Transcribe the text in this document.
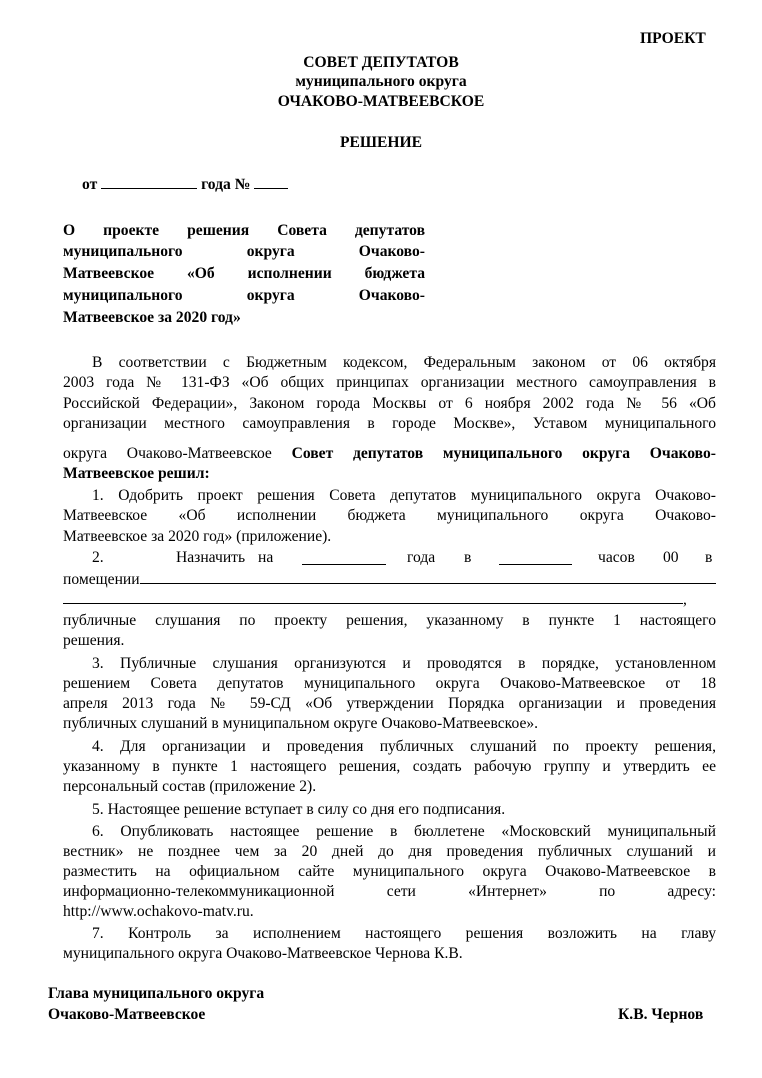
ПРОЕКТ
СОВЕТ ДЕПУТАТОВ
муниципального округа
ОЧАКОВО-МАТВЕЕВСКОЕ
РЕШЕНИЕ
от	года №
О проекте решения Совета депутатов
муниципального округа Очаково-
Матвеевское «Об исполнении бюджета
муниципального округа Очаково-
Матвеевское за 2020 год»
В соответствии с Бюджетным кодексом, Федеральным законом от 06 октября
2003 года № 131-ФЗ «Об общих принципах организации местного самоуправления в
Российской Федерации», Законом города Москвы от 6 ноября 2002 года № 56 «Об
организации местного самоуправления в городе Москве», Уставом муниципального
округа Очаково-Матвеевское Совет депутатов муниципального округа Очаково-
Матвеевское решил:
1. Одобрить проект решения Совета депутатов муниципального округа Очаково-
Матвеевское «Об исполнении бюджета муниципального округа Очаково-
Матвеевское за 2020 год» (приложение).
2.	Назначить на	года в	часов 00 в
помещении
,
публичные слушания по проекту решения, указанному в пункте 1 настоящего
решения.
3. Публичные слушания организуются и проводятся в порядке, установленном
решением Совета депутатов муниципального округа Очаково-Матвеевское от 18
апреля 2013 года № 59-СД «Об утверждении Порядка организации и проведения
публичных слушаний в муниципальном округе Очаково-Матвеевское».
4. Для организации и проведения публичных слушаний по проекту решения,
указанному в пункте 1 настоящего решения, создать рабочую группу и утвердить ее
персональный состав (приложение 2).
5. Настоящее решение вступает в силу со дня его подписания.
6. Опубликовать настоящее решение в бюллетене «Московский муниципальный
вестник» не позднее чем за 20 дней до дня проведения публичных слушаний и
разместить на официальном сайте муниципального округа Очаково-Матвеевское в
информационно-телекоммуникационной сети «Интернет» по адресу:
http://www.ochakovo-matv.ru.
7. Контроль за исполнением настоящего решения возложить на главу
муниципального округа Очаково-Матвеевское Чернова К.В.
Глава муниципального округа
Очаково-Матвеевское	К.В. Чернов
